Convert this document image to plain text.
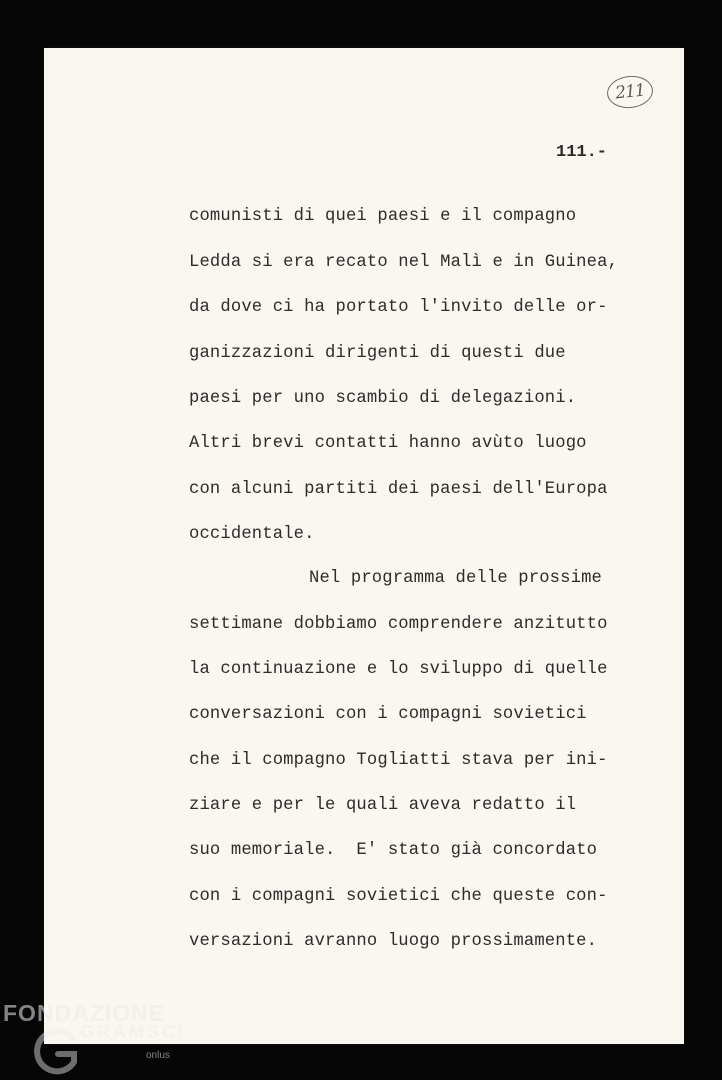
211
111.-

comunisti di quei paesi e il compagno

Ledda si era recato nel Malì e in Guinea,

da dove ci ha portato l'invito delle or-

ganizzazioni dirigenti di questi due

paesi per uno scambio di delegazioni.

Altri brevi contatti hanno avùto luogo

con alcuni partiti dei paesi dell'Europa

occidentale.

Nel programma delle prossime

settimane dobbiamo comprendere anzitutto

la continuazione e lo sviluppo di quelle

conversazioni con i compagni sovietici

che il compagno Togliatti stava per ini-

ziare e per le quali aveva redatto il

suo memoriale.  E' stato già concordato

con i compagni sovietici che queste con-

versazioni avranno luogo prossimamente.

FONDAZIONE
GRAMSCI
onlus
